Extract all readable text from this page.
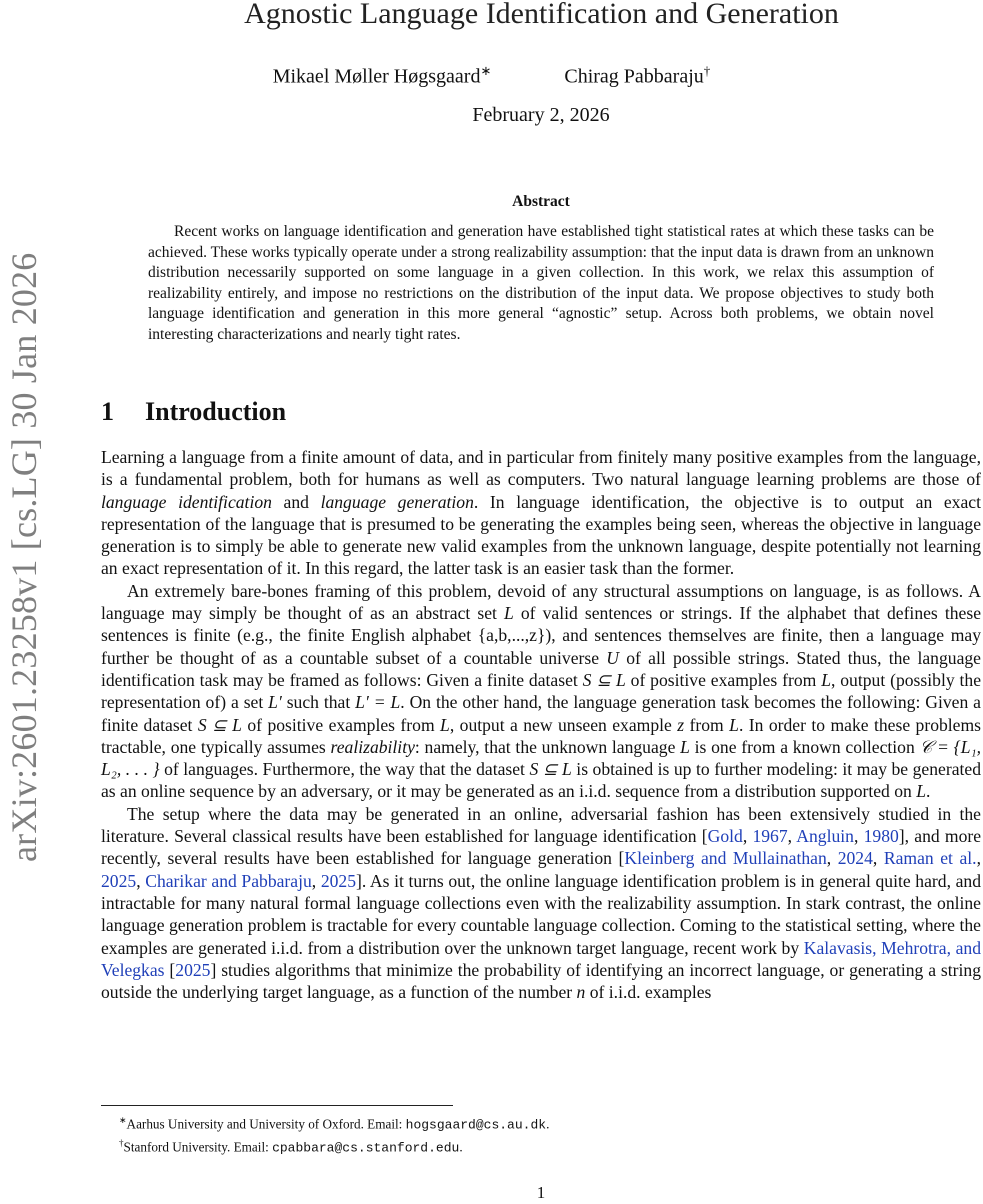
arXiv:2601.23258v1 [cs.LG] 30 Jan 2026
Agnostic Language Identification and Generation
Mikael Møller Høgsgaard∗	Chirag Pabbaraju†
February 2, 2026
Abstract
Recent works on language identification and generation have established tight statistical rates at which these tasks can be achieved. These works typically operate under a strong realizability assumption: that the input data is drawn from an unknown distribution necessarily supported on some language in a given collection. In this work, we relax this assumption of realizability entirely, and impose no restrictions on the distribution of the input data. We propose objectives to study both language identification and generation in this more general “agnostic” setup. Across both problems, we obtain novel interesting characterizations and nearly tight rates.
1 Introduction

Learning a language from a finite amount of data, and in particular from finitely many positive examples from the language, is a fundamental problem, both for humans as well as computers. Two natural language learning problems are those of language identification and language generation. In language identification, the objective is to output an exact representation of the language that is presumed to be generating the examples being seen, whereas the objective in language generation is to simply be able to generate new valid examples from the unknown language, despite potentially not learning an exact representation of it. In this regard, the latter task is an easier task than the former.

An extremely bare-bones framing of this problem, devoid of any structural assumptions on language, is as follows. A language may simply be thought of as an abstract set L of valid sentences or strings. If the alphabet that defines these sentences is finite (e.g., the finite English alphabet {a,b,...,z}), and sentences themselves are finite, then a language may further be thought of as a countable subset of a countable universe U of all possible strings. Stated thus, the language identification task may be framed as follows: Given a finite dataset S ⊆ L of positive examples from L, output (possibly the representation of) a set L′ such that L′ = L. On the other hand, the language generation task becomes the following: Given a finite dataset S ⊆ L of positive examples from L, output a new unseen example z from L. In order to make these problems tractable, one typically assumes realizability: namely, that the unknown language L is one from a known collection 𝒞 = {L₁, L₂, . . . } of languages. Furthermore, the way that the dataset S ⊆ L is obtained is up to further modeling: it may be generated as an online sequence by an adversary, or it may be generated as an i.i.d. sequence from a distribution supported on L.

The setup where the data may be generated in an online, adversarial fashion has been extensively studied in the literature. Several classical results have been established for language identification [Gold, 1967, Angluin, 1980], and more recently, several results have been established for language generation [Kleinberg and Mullainathan, 2024, Raman et al., 2025, Charikar and Pabbaraju, 2025]. As it turns out, the online language identification problem is in general quite hard, and intractable for many natural formal language collections even with the realizability assumption. In stark contrast, the online language generation problem is tractable for every countable language collection. Coming to the statistical setting, where the examples are generated i.i.d. from a distribution over the unknown target language, recent work by Kalavasis, Mehrotra, and Velegkas [2025] studies algorithms that minimize the probability of identifying an incorrect language, or generating a string outside the underlying target language, as a function of the number n of i.i.d. examples

∗Aarhus University and University of Oxford. Email: hogsgaard@cs.au.dk.
†Stanford University. Email: cpabbara@cs.stanford.edu.
1
